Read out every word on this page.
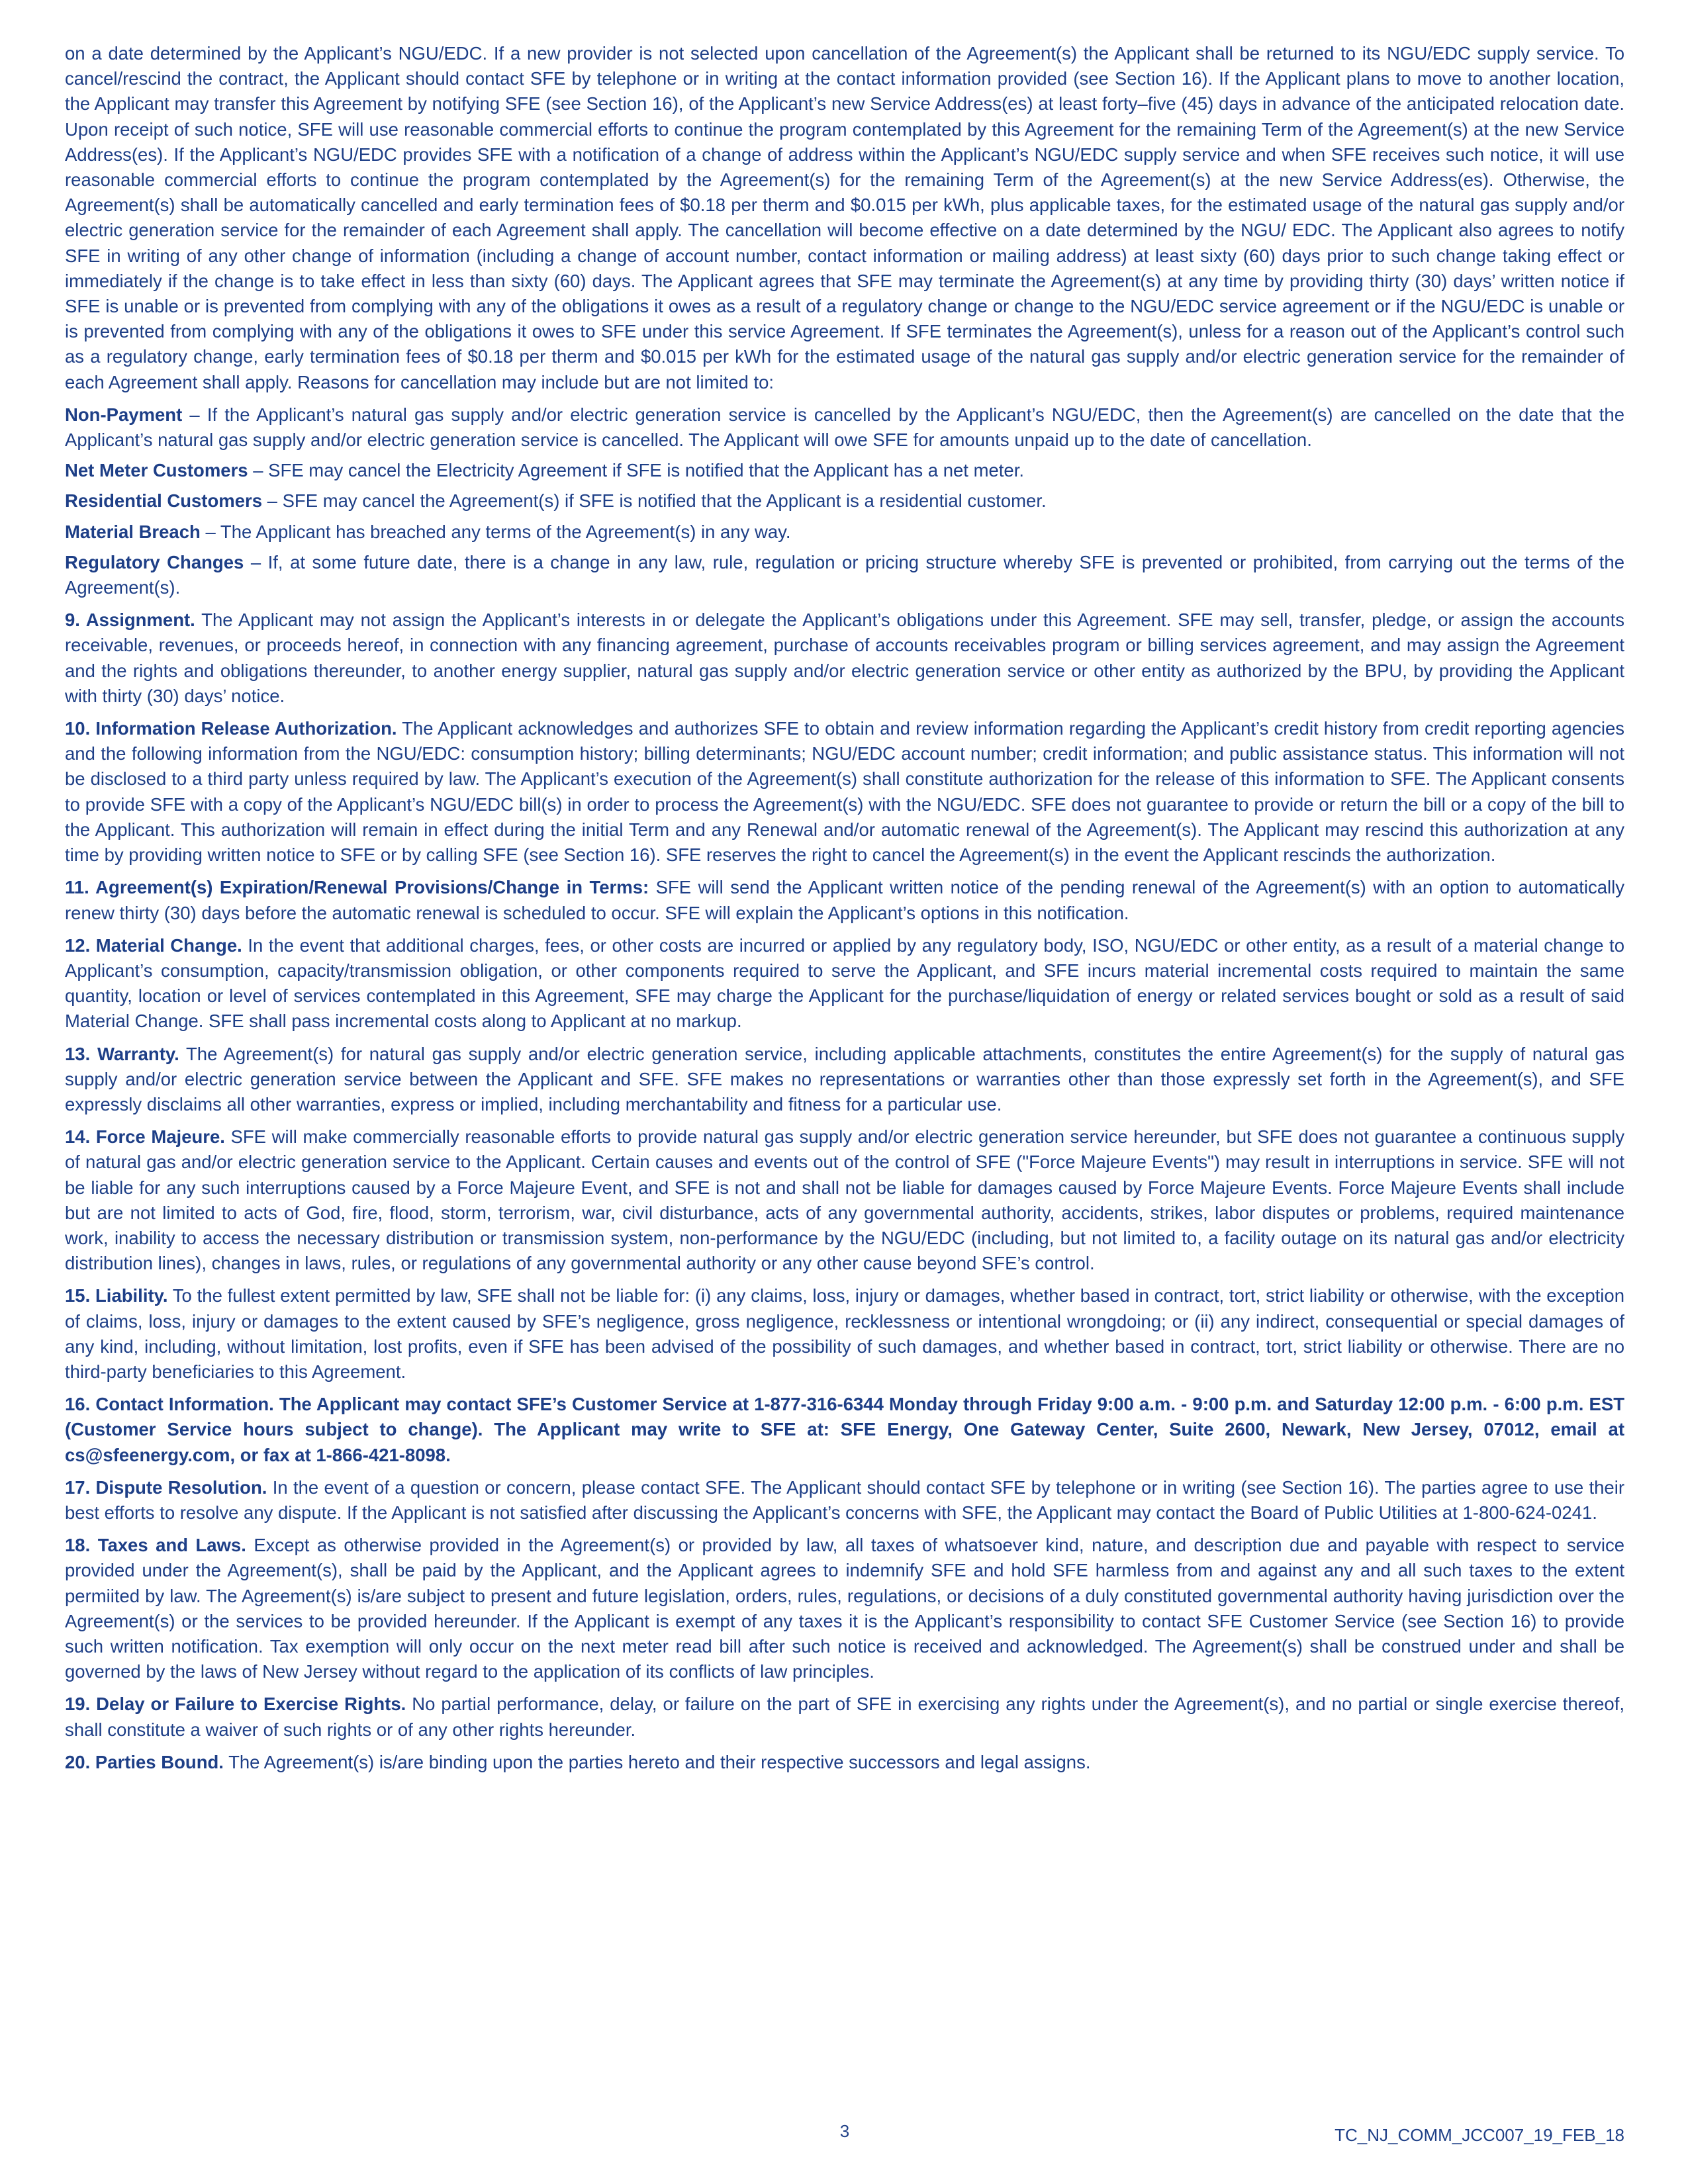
on a date determined by the Applicant’s NGU/EDC. If a new provider is not selected upon cancellation of the Agreement(s) the Applicant shall be returned to its NGU/EDC supply service. To cancel/rescind the contract, the Applicant should contact SFE by telephone or in writing at the contact information provided (see Section 16). If the Applicant plans to move to another location, the Applicant may transfer this Agreement by notifying SFE (see Section 16), of the Applicant’s new Service Address(es) at least forty–five (45) days in advance of the anticipated relocation date. Upon receipt of such notice, SFE will use reasonable commercial efforts to continue the program contemplated by this Agreement for the remaining Term of the Agreement(s) at the new Service Address(es). If the Applicant’s NGU/EDC provides SFE with a notification of a change of address within the Applicant’s NGU/EDC supply service and when SFE receives such notice, it will use reasonable commercial efforts to continue the program contemplated by the Agreement(s) for the remaining Term of the Agreement(s) at the new Service Address(es). Otherwise, the Agreement(s) shall be automatically cancelled and early termination fees of $0.18 per therm and $0.015 per kWh, plus applicable taxes, for the estimated usage of the natural gas supply and/or electric generation service for the remainder of each Agreement shall apply. The cancellation will become effective on a date determined by the NGU/ EDC. The Applicant also agrees to notify SFE in writing of any other change of information (including a change of account number, contact information or mailing address) at least sixty (60) days prior to such change taking effect or immediately if the change is to take effect in less than sixty (60) days. The Applicant agrees that SFE may terminate the Agreement(s) at any time by providing thirty (30) days’ written notice if SFE is unable or is prevented from complying with any of the obligations it owes as a result of a regulatory change or change to the NGU/EDC service agreement or if the NGU/EDC is unable or is prevented from complying with any of the obligations it owes to SFE under this service Agreement. If SFE terminates the Agreement(s), unless for a reason out of the Applicant’s control such as a regulatory change, early termination fees of $0.18 per therm and $0.015 per kWh for the estimated usage of the natural gas supply and/or electric generation service for the remainder of each Agreement shall apply. Reasons for cancellation may include but are not limited to:

Non-Payment – If the Applicant’s natural gas supply and/or electric generation service is cancelled by the Applicant’s NGU/EDC, then the Agreement(s) are cancelled on the date that the Applicant’s natural gas supply and/or electric generation service is cancelled. The Applicant will owe SFE for amounts unpaid up to the date of cancellation.

Net Meter Customers – SFE may cancel the Electricity Agreement if SFE is notified that the Applicant has a net meter.

Residential Customers – SFE may cancel the Agreement(s) if SFE is notified that the Applicant is a residential customer.

Material Breach – The Applicant has breached any terms of the Agreement(s) in any way.

Regulatory Changes – If, at some future date, there is a change in any law, rule, regulation or pricing structure whereby SFE is prevented or prohibited, from carrying out the terms of the Agreement(s).

9. Assignment. The Applicant may not assign the Applicant’s interests in or delegate the Applicant’s obligations under this Agreement. SFE may sell, transfer, pledge, or assign the accounts receivable, revenues, or proceeds hereof, in connection with any financing agreement, purchase of accounts receivables program or billing services agreement, and may assign the Agreement and the rights and obligations thereunder, to another energy supplier, natural gas supply and/or electric generation service or other entity as authorized by the BPU, by providing the Applicant with thirty (30) days’ notice.

10. Information Release Authorization. The Applicant acknowledges and authorizes SFE to obtain and review information regarding the Applicant’s credit history from credit reporting agencies and the following information from the NGU/EDC: consumption history; billing determinants; NGU/EDC account number; credit information; and public assistance status. This information will not be disclosed to a third party unless required by law. The Applicant’s execution of the Agreement(s) shall constitute authorization for the release of this information to SFE. The Applicant consents to provide SFE with a copy of the Applicant’s NGU/EDC bill(s) in order to process the Agreement(s) with the NGU/EDC. SFE does not guarantee to provide or return the bill or a copy of the bill to the Applicant. This authorization will remain in effect during the initial Term and any Renewal and/or automatic renewal of the Agreement(s). The Applicant may rescind this authorization at any time by providing written notice to SFE or by calling SFE (see Section 16). SFE reserves the right to cancel the Agreement(s) in the event the Applicant rescinds the authorization.

11. Agreement(s) Expiration/Renewal Provisions/Change in Terms: SFE will send the Applicant written notice of the pending renewal of the Agreement(s) with an option to automatically renew thirty (30) days before the automatic renewal is scheduled to occur. SFE will explain the Applicant’s options in this notification.

12. Material Change. In the event that additional charges, fees, or other costs are incurred or applied by any regulatory body, ISO, NGU/EDC or other entity, as a result of a material change to Applicant’s consumption, capacity/transmission obligation, or other components required to serve the Applicant, and SFE incurs material incremental costs required to maintain the same quantity, location or level of services contemplated in this Agreement, SFE may charge the Applicant for the purchase/liquidation of energy or related services bought or sold as a result of said Material Change. SFE shall pass incremental costs along to Applicant at no markup.

13. Warranty. The Agreement(s) for natural gas supply and/or electric generation service, including applicable attachments, constitutes the entire Agreement(s) for the supply of natural gas supply and/or electric generation service between the Applicant and SFE. SFE makes no representations or warranties other than those expressly set forth in the Agreement(s), and SFE expressly disclaims all other warranties, express or implied, including merchantability and fitness for a particular use.

14. Force Majeure. SFE will make commercially reasonable efforts to provide natural gas supply and/or electric generation service hereunder, but SFE does not guarantee a continuous supply of natural gas and/or electric generation service to the Applicant. Certain causes and events out of the control of SFE ("Force Majeure Events") may result in interruptions in service. SFE will not be liable for any such interruptions caused by a Force Majeure Event, and SFE is not and shall not be liable for damages caused by Force Majeure Events. Force Majeure Events shall include but are not limited to acts of God, fire, flood, storm, terrorism, war, civil disturbance, acts of any governmental authority, accidents, strikes, labor disputes or problems, required maintenance work, inability to access the necessary distribution or transmission system, non-performance by the NGU/EDC (including, but not limited to, a facility outage on its natural gas and/or electricity distribution lines), changes in laws, rules, or regulations of any governmental authority or any other cause beyond SFE’s control.

15. Liability. To the fullest extent permitted by law, SFE shall not be liable for: (i) any claims, loss, injury or damages, whether based in contract, tort, strict liability or otherwise, with the exception of claims, loss, injury or damages to the extent caused by SFE’s negligence, gross negligence, recklessness or intentional wrongdoing; or (ii) any indirect, consequential or special damages of any kind, including, without limitation, lost profits, even if SFE has been advised of the possibility of such damages, and whether based in contract, tort, strict liability or otherwise. There are no third-party beneficiaries to this Agreement.

16. Contact Information. The Applicant may contact SFE’s Customer Service at 1-877-316-6344 Monday through Friday 9:00 a.m. - 9:00 p.m. and Saturday 12:00 p.m. - 6:00 p.m. EST (Customer Service hours subject to change). The Applicant may write to SFE at: SFE Energy, One Gateway Center, Suite 2600, Newark, New Jersey, 07012, email at cs@sfeenergy.com, or fax at 1-866-421-8098.

17. Dispute Resolution. In the event of a question or concern, please contact SFE. The Applicant should contact SFE by telephone or in writing (see Section 16). The parties agree to use their best efforts to resolve any dispute. If the Applicant is not satisfied after discussing the Applicant’s concerns with SFE, the Applicant may contact the Board of Public Utilities at 1-800-624-0241.

18. Taxes and Laws. Except as otherwise provided in the Agreement(s) or provided by law, all taxes of whatsoever kind, nature, and description due and payable with respect to service provided under the Agreement(s), shall be paid by the Applicant, and the Applicant agrees to indemnify SFE and hold SFE harmless from and against any and all such taxes to the extent permiited by law. The Agreement(s) is/are subject to present and future legislation, orders, rules, regulations, or decisions of a duly constituted governmental authority having jurisdiction over the Agreement(s) or the services to be provided hereunder. If the Applicant is exempt of any taxes it is the Applicant’s responsibility to contact SFE Customer Service (see Section 16) to provide such written notification. Tax exemption will only occur on the next meter read bill after such notice is received and acknowledged. The Agreement(s) shall be construed under and shall be governed by the laws of New Jersey without regard to the application of its conflicts of law principles.

19. Delay or Failure to Exercise Rights. No partial performance, delay, or failure on the part of SFE in exercising any rights under the Agreement(s), and no partial or single exercise thereof, shall constitute a waiver of such rights or of any other rights hereunder.

20. Parties Bound. The Agreement(s) is/are binding upon the parties hereto and their respective successors and legal assigns.

3	TC_NJ_COMM_JCC007_19_FEB_18
